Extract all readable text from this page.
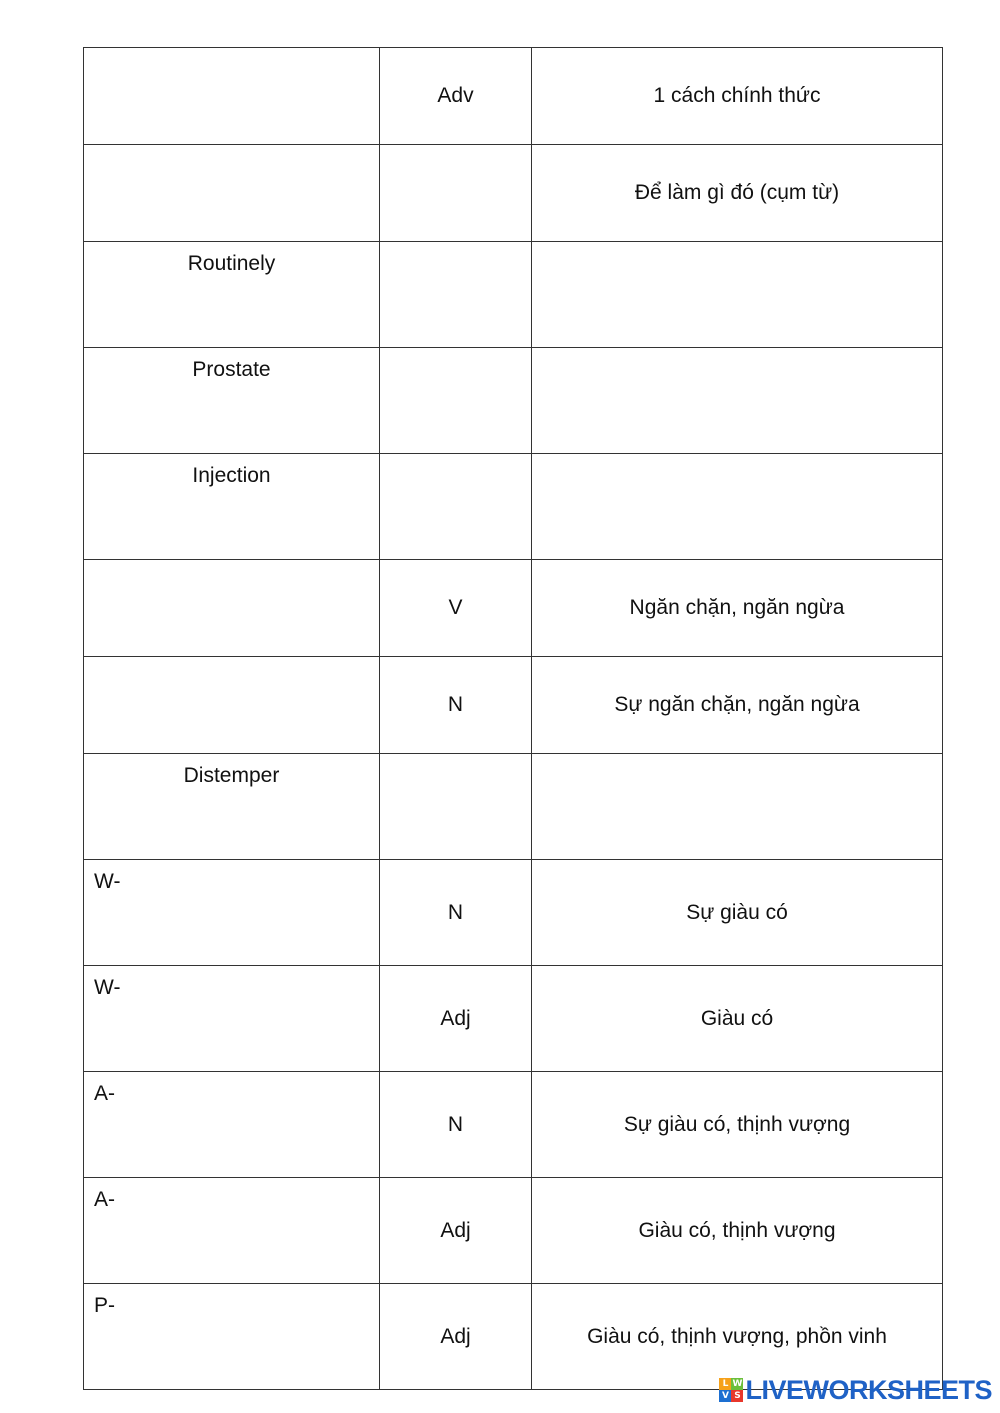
	Adv	1 cách chính thức
		Để làm gì đó (cụm từ)
Routinely		
Prostate		
Injection		
	V	Ngăn chặn, ngăn ngừa
	N	Sự ngăn chặn, ngăn ngừa
Distemper		
W-	N	Sự giàu có
W-	Adj	Giàu có
A-	N	Sự giàu có, thịnh vượng
A-	Adj	Giàu có, thịnh vượng
P-	Adj	Giàu có, thịnh vượng, phồn vinh
L W
V S LIVEWORKSHEETS
